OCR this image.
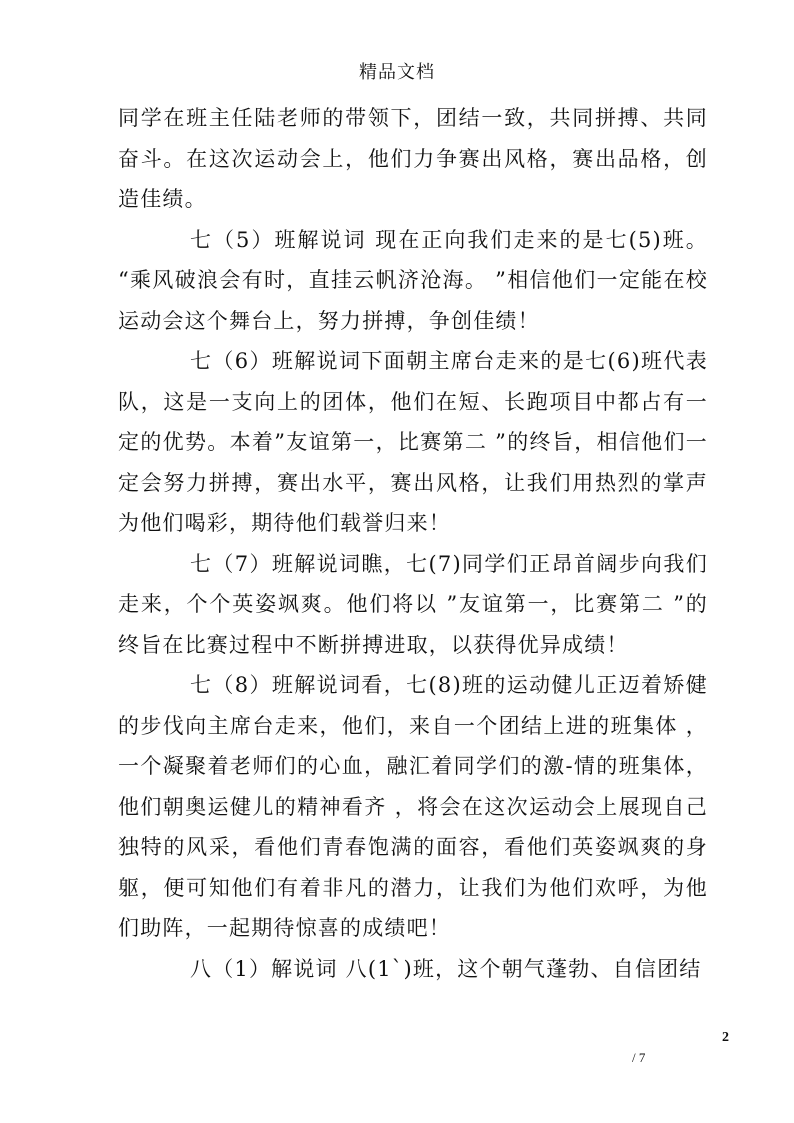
精品文档

同学在班主任陆老师的带领下，团结一致，共同拼搏、共同奋斗。在这次运动会上，他们力争赛出风格，赛出品格，创造佳绩。

七（5）班解说词 现在正向我们走来的是七(5)班。 “乘风破浪会有时，直挂云帆济沧海。 ”相信他们一定能在校运动会这个舞台上，努力拼搏，争创佳绩！

七（6）班解说词下面朝主席台走来的是七(6)班代表队，这是一支向上的团体，他们在短、长跑项目中都占有一定的优势。本着”友谊第一，比赛第二 ”的终旨，相信他们一定会努力拼搏，赛出水平，赛出风格，让我们用热烈的掌声为他们喝彩，期待他们载誉归来！

七（7）班解说词瞧，七(7)同学们正昂首阔步向我们走来，个个英姿飒爽。他们将以 ”友谊第一，比赛第二 ”的终旨在比赛过程中不断拼搏进取，以获得优异成绩！

七（8）班解说词看，七(8)班的运动健儿正迈着矫健的步伐向主席台走来，他们，来自一个团结上进的班集体 ，一个凝聚着老师们的心血，融汇着同学们的激-情的班集体，他们朝奥运健儿的精神看齐 ，将会在这次运动会上展现自己独特的风采，看他们青春饱满的面容，看他们英姿飒爽的身躯，便可知他们有着非凡的潜力，让我们为他们欢呼，为他们助阵，一起期待惊喜的成绩吧！

八（1）解说词 八(1`)班，这个朝气蓬勃、自信团结

2
/ 7
